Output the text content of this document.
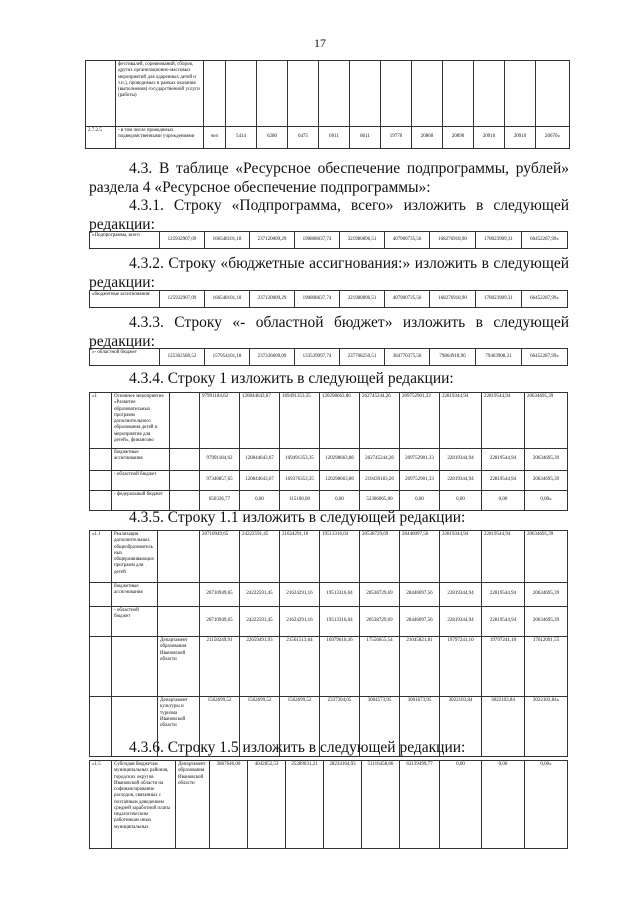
17
	фестивалей, соревнований, сборов, других организационно-массовых мероприятий для одаренных детей и т.п.), проводимых в рамках оказания (выполнения) государственной услуги (работы)												
2.7.2.5	- в том числе проводимых подведомственными учреждениями	чел	5414	6280	6475	6911	8611	19770	20860	20890	20910	20910	20670»

4.3. В таблице «Ресурсное обеспечение подпрограммы, рублей» раздела 4 «Ресурсное обеспечение подпрограммы»:

4.3.1. Строку «Подпрограмма, всего» изложить в следующей редакции:

«Подпрограмма, всего	125932907,09	166548101,18	237120009,29	190808637,74	321980896,51	407900735,56	168276918,90	178023909,31	66452287,99»

4.3.2. Строку «бюджетные ассигнования:» изложить в следующей редакции:

«бюджетные ассигнования:	125932907,09	166548101,18	237120009,29	190808637,74	321980896,51	407900735,56	168276918,90	178023909,31	66452287,99»

4.3.3. Строку «- областной бюджет» изложить в следующей редакции:

«- областной бюджет	125302580,52	157954101,18	237336609,09	133539997,74	237708250,51	384770375,56	79864918,90	79463908,31	66452287,99»

4.3.4. Строку 1 изложить в следующей редакции:

«1	Основное мероприятие «Развитие образовательных программ дополнительного образования детей и мероприятия для детей», финансово		97991184,62	120844643,67	169491353,35	120298663,86	262745244,26	209752901,33	22819344,94	22819544,94	20634695,39
	бюджетные ассигнования		97991184,62	120844643,67	169491353,35	120298663,86	262745244,26	209752901,33	22819344,94	22819544,94	20634695,39
	- областной бюджет		97340857,65	120844643,67	169376353,35	120298663,86	210439183,26	209752901,33	22819344,94	22819544,94	20634695,39
	- федеральный бюджет		650326,77	0,00	115100,00	0,00	52306065,00	0,00	0,00	0,00	0,00»

4.3.5. Строку 1.1 изложить в следующей редакции:

«1.1	Реализация дополнительных общеобразовательных общеразвивающих программ для детей		20710949,65	24222591,45	21624291,16	19513316,04	20538729,69	28446097,56	22819344,94	22819544,94	20634695,39
	бюджетные ассигнования		20710949,65	24222591,45	21624291,16	19513316,04	20538729,69	28446097,56	22819344,94	22819544,94	20634695,39
	- областной бюджет		20710949,65	24222591,45	21624291,16	19513316,04	20538729,69	28446097,56	22819344,94	22819544,94	20634695,39
		Департамент образования Ивановской области	21158249,91	22659491,93	21561513,64	16979610,36	17556655,54	21045821,81	19797241,10	19797241,10	17612091,55
		Департамент культуры и туризма Ивановской области	1562699,52	1562699,52	1562699,52	2337304,05	3004573,95	3001673,95	3022103,84	3022103,84	3022103,84»

4.3.6. Строку 1.5 изложить в следующей редакции:

«1.5	Субсидия бюджетам муниципальных районов, городских округов Ивановской области на софинансирование расходов, связанных с поэтапным доведением средней заработной платы педагогическим работникам иных муниципальных	Департамент образования Ивановской области	3867646,00	4042852,53	25289031,21	28234164,93	51116458,86	63139499,77	0,00	0,00	0,00»
